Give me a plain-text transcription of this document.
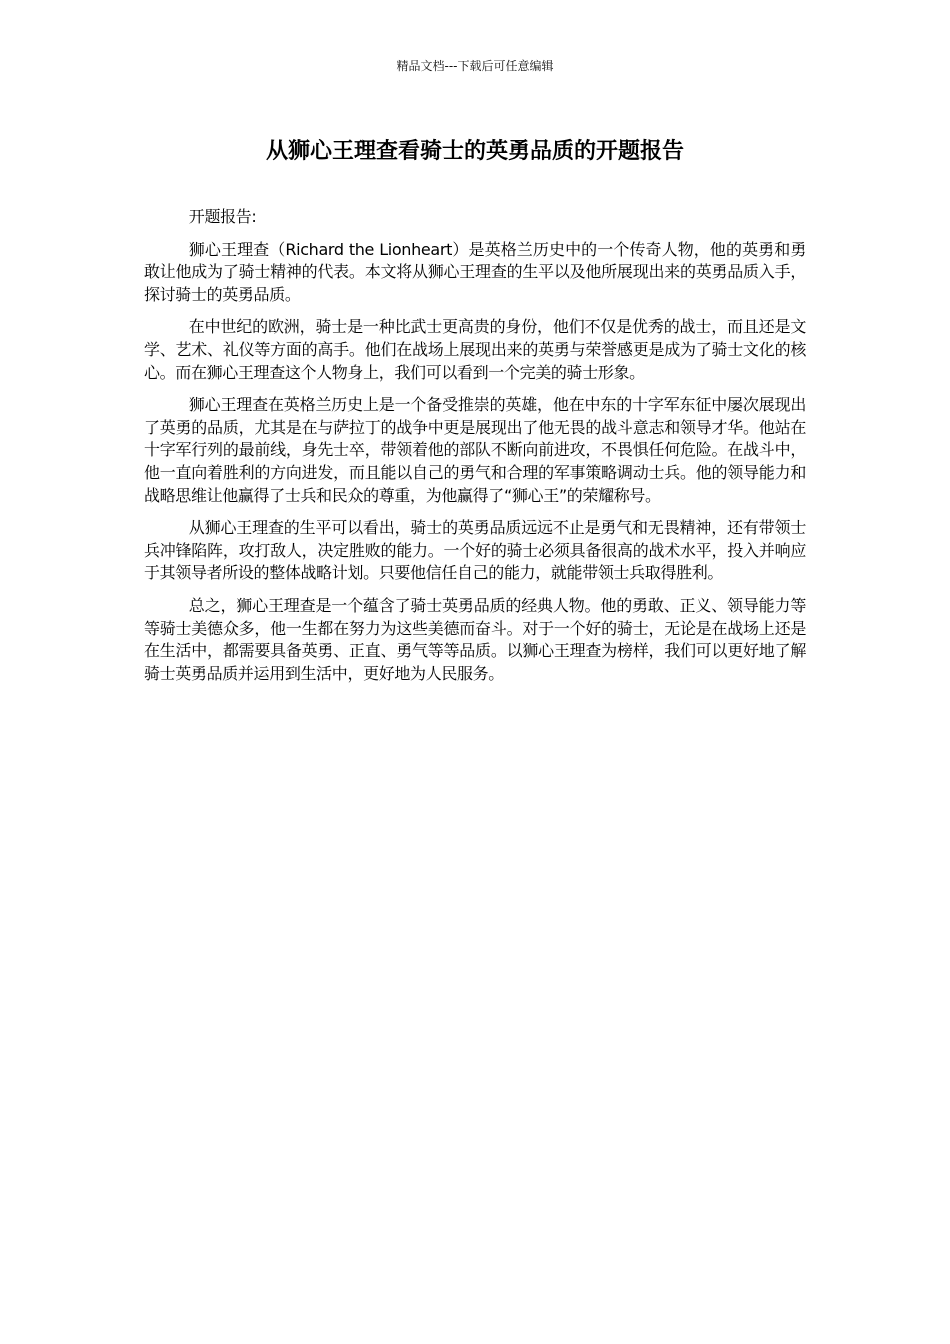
精品文档---下载后可任意编辑
从狮心王理查看骑士的英勇品质的开题报告

开题报告:

狮心王理查（Richard the Lionheart）是英格兰历史中的一个传奇人物，他的英勇和勇敢让他成为了骑士精神的代表。本文将从狮心王理查的生平以及他所展现出来的英勇品质入手，探讨骑士的英勇品质。

在中世纪的欧洲，骑士是一种比武士更高贵的身份，他们不仅是优秀的战士，而且还是文学、艺术、礼仪等方面的高手。他们在战场上展现出来的英勇与荣誉感更是成为了骑士文化的核心。而在狮心王理查这个人物身上，我们可以看到一个完美的骑士形象。

狮心王理查在英格兰历史上是一个备受推崇的英雄，他在中东的十字军东征中屡次展现出了英勇的品质，尤其是在与萨拉丁的战争中更是展现出了他无畏的战斗意志和领导才华。他站在十字军行列的最前线，身先士卒，带领着他的部队不断向前进攻，不畏惧任何危险。在战斗中，他一直向着胜利的方向进发，而且能以自己的勇气和合理的军事策略调动士兵。他的领导能力和战略思维让他赢得了士兵和民众的尊重，为他赢得了“狮心王”的荣耀称号。

从狮心王理查的生平可以看出，骑士的英勇品质远远不止是勇气和无畏精神，还有带领士兵冲锋陷阵，攻打敌人，决定胜败的能力。一个好的骑士必须具备很高的战术水平，投入并响应于其领导者所设的整体战略计划。只要他信任自己的能力，就能带领士兵取得胜利。

总之，狮心王理查是一个蕴含了骑士英勇品质的经典人物。他的勇敢、正义、领导能力等等骑士美德众多，他一生都在努力为这些美德而奋斗。对于一个好的骑士，无论是在战场上还是在生活中，都需要具备英勇、正直、勇气等等品质。以狮心王理查为榜样，我们可以更好地了解骑士英勇品质并运用到生活中，更好地为人民服务。
